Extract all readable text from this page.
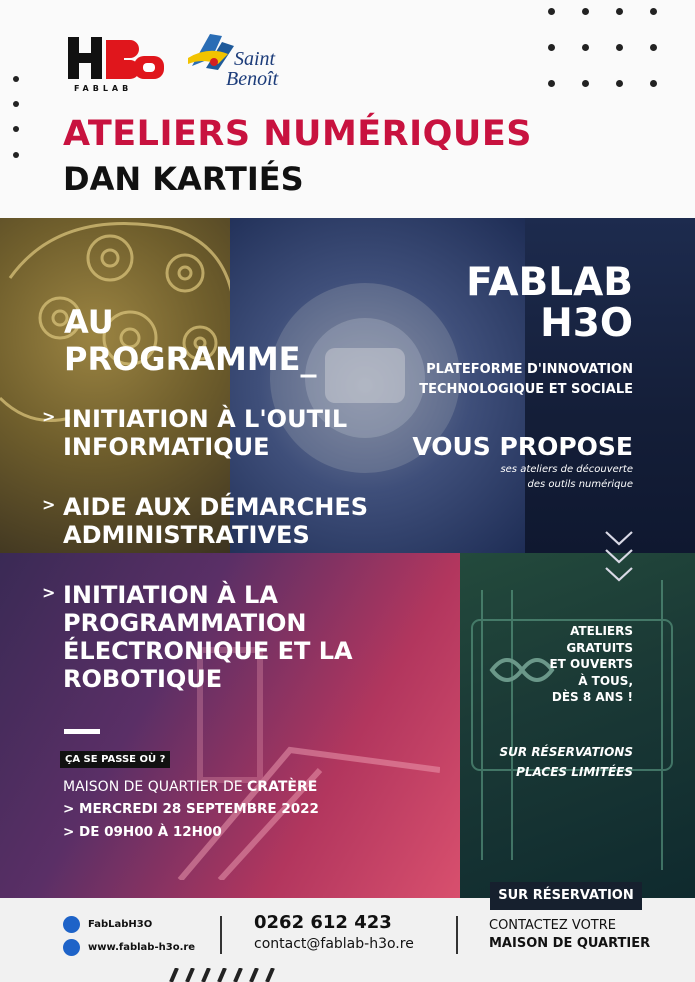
FABLAB
Saint
Benoît
ATELIERS NUMÉRIQUES
DAN KARTIÉS
AU
PROGRAMME_
> INITIATION À L'OUTIL
INFORMATIQUE
> AIDE AUX DÉMARCHES
ADMINISTRATIVES
> INITIATION À LA
PROGRAMMATION
ÉLECTRONIQUE ET LA
ROBOTIQUE
FABLAB
H3O
PLATEFORME D'INNOVATION
TECHNOLOGIQUE ET SOCIALE
VOUS PROPOSE
ses ateliers de découverte
des outils numérique
ATELIERS
GRATUITS
ET OUVERTS
À TOUS,
DÈS 8 ANS !
SUR RÉSERVATIONS
PLACES LIMITÉES
ÇA SE PASSE OÙ ?
MAISON DE QUARTIER DE CRATÈRE
> MERCREDI 28 SEPTEMBRE 2022
> DE 09H00 À 12H00
SUR RÉSERVATION
FabLabH3O
www.fablab-h3o.re
0262 612 423
contact@fablab-h3o.re
CONTACTEZ VOTRE
MAISON DE QUARTIER
